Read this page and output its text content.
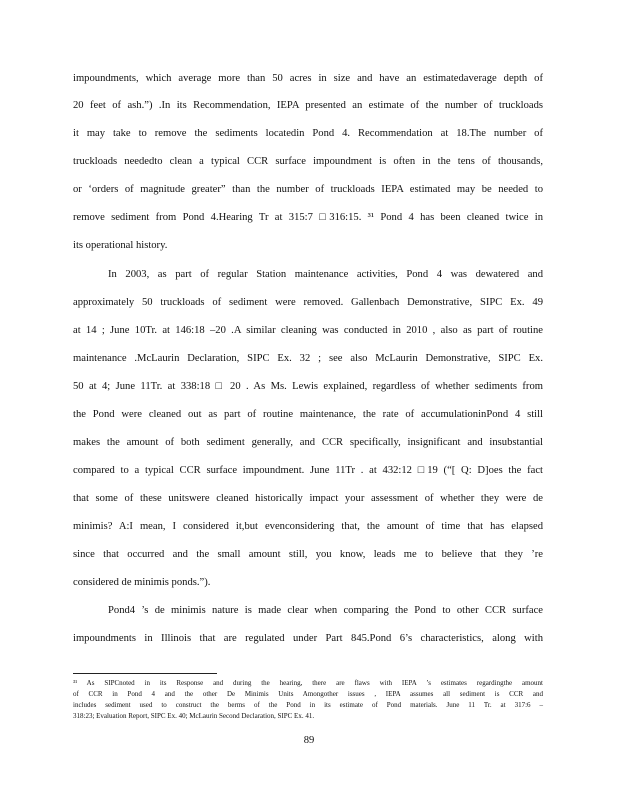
impoundments, which average more than 50 acres in size and have an estimatedaverage depth of
20 feet of ash.”) .In its Recommendation, IEPA presented an estimate of the number of truckloads
it may take to remove the sediments locatedin Pond 4. Recommendation at 18.The number of
truckloads neededto clean a typical CCR surface impoundment is often in the tens of thousands,
or ‘orders of magnitude greater” than the number of truckloads IEPA estimated may be needed to
remove sediment from Pond 4.Hearing Tr at 315:7 □316:15. ³¹ Pond 4 has been cleaned twice in
its operational history.
In 2003, as part of regular Station maintenance activities, Pond 4 was dewatered and
approximately 50 truckloads of sediment were removed. Gallenbach Demonstrative, SIPC Ex. 49
at 14 ; June 10Tr. at 146:18 –20 .A similar cleaning was conducted in 2010 , also as part of routine
maintenance .McLaurin Declaration, SIPC Ex. 32 ; see also McLaurin Demonstrative, SIPC Ex.
50 at 4; June 11Tr. at 338:18 □ 20 . As Ms. Lewis explained, regardless of whether sediments from
the Pond were cleaned out as part of routine maintenance, the rate of accumulationinPond 4 still
makes the amount of both sediment generally, and CCR specifically, insignificant and insubstantial
compared to a typical CCR surface impoundment. June 11Tr . at 432:12 □19 (“[ Q: D]oes the fact
that some of these unitswere cleaned historically impact your assessment of whether they were de
minimis? A:I mean, I considered it,but evenconsidering that, the amount of time that has elapsed
since that occurred and the small amount still, you know, leads me to believe that they ’re
considered de minimis ponds.”).
Pond4 ’s de minimis nature is made clear when comparing the Pond to other CCR surface
impoundments in Illinois that are regulated under Part 845.Pond 6’s characteristics, along with
³¹ As SIPCnoted in its Response and during the hearing, there are flaws with IEPA ’s estimates regardingthe amount
of CCR in Pond 4 and the other De Minimis Units Amongother issues , IEPA assumes all sediment is CCR and
includes sediment used to construct the berms of the Pond in its estimate of Pond materials. June 11 Tr. at 317:6 –
318:23; Evaluation Report, SIPC Ex. 40; McLaurin Second Declaration, SIPC Ex. 41.
89
